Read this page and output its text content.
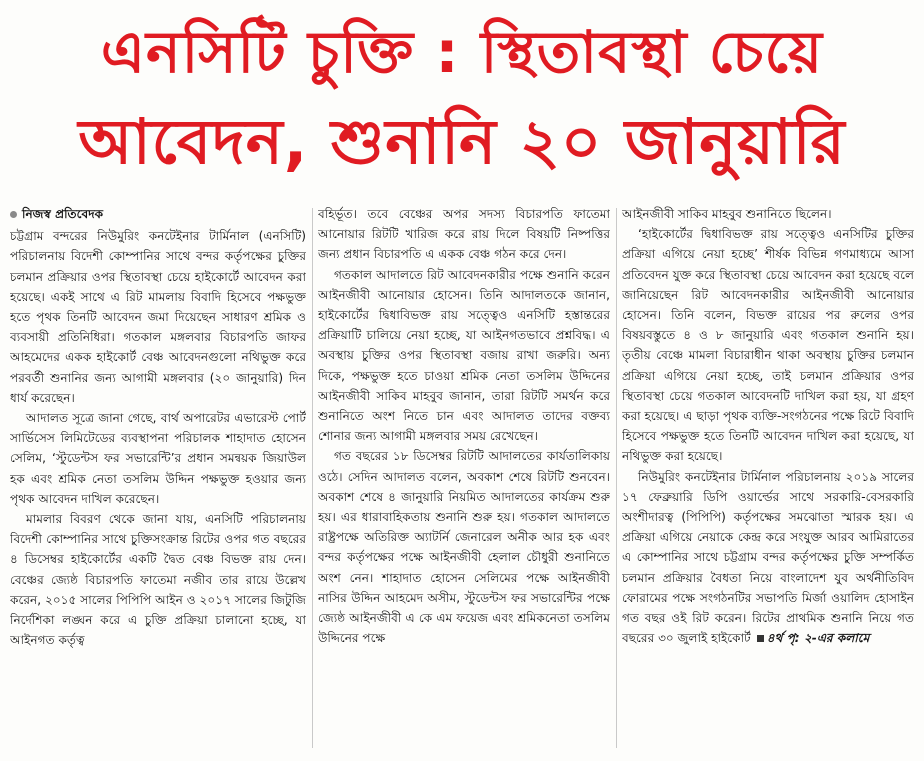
এনসিটি চুক্তি : স্থিতাবস্থা চেয়ে
আবেদন, শুনানি ২০ জানুয়ারি
নিজস্ব প্রতিবেদক

চট্টগ্রাম বন্দরের নিউমুরিং কনটেইনার টার্মিনাল (এনসিটি) পরিচালনায় বিদেশী কোম্পানির সাথে বন্দর কর্তৃপক্ষের চুক্তির চলমান প্রক্রিয়ার ওপর স্থিতাবস্থা চেয়ে হাইকোর্টে আবেদন করা হয়েছে। একই সাথে এ রিট মামলায় বিবাদি হিসেবে পক্ষভুক্ত হতে পৃথক তিনটি আবেদন জমা দিয়েছেন সাধারণ শ্রমিক ও ব্যবসায়ী প্রতিনিধিরা। গতকাল মঙ্গলবার বিচারপতি জাফর আহমেদের একক হাইকোর্ট বেঞ্চ আবেদনগুলো নথিভুক্ত করে পরবর্তী শুনানির জন্য আগামী মঙ্গলবার (২০ জানুয়ারি) দিন ধার্য করেছেন।

আদালত সূত্রে জানা গেছে, বার্থ অপারেটর এভারেস্ট পোর্ট সার্ভিসেস লিমিটেডের ব্যবস্থাপনা পরিচালক শাহাদাত হোসেন সেলিম, ‘স্টুডেন্টস ফর সভারেন্টি’র প্রধান সমন্বয়ক জিয়াউল হক এবং শ্রমিক নেতা তসলিম উদ্দিন পক্ষভুক্ত হওয়ার জন্য পৃথক আবেদন দাখিল করেছেন।

মামলার বিবরণ থেকে জানা যায়, এনসিটি পরিচালনায় বিদেশী কোম্পানির সাথে চুক্তিসংক্রান্ত রিটের ওপর গত বছরের ৪ ডিসেম্বর হাইকোর্টের একটি দ্বৈত বেঞ্চ বিভক্ত রায় দেন। বেঞ্চের জ্যেষ্ঠ বিচারপতি ফাতেমা নজীব তার রায়ে উল্লেখ করেন, ২০১৫ সালের পিপিপি আইন ও ২০১৭ সালের জিটুজি নির্দেশিকা লঙ্ঘন করে এ চুক্তি প্রক্রিয়া চালানো হচ্ছে, যা আইনগত কর্তৃত্ব

বহির্ভূত। তবে বেঞ্চের অপর সদস্য বিচারপতি ফাতেমা আনোয়ার রিটটি খারিজ করে রায় দিলে বিষয়টি নিষ্পত্তির জন্য প্রধান বিচারপতি এ একক বেঞ্চ গঠন করে দেন।

গতকাল আদালতে রিট আবেদনকারীর পক্ষে শুনানি করেন আইনজীবী আনোয়ার হোসেন। তিনি আদালতকে জানান, হাইকোর্টের দ্বিধাবিভক্ত রায় সত্ত্বেও এনসিটি হস্তান্তরের প্রক্রিয়াটি চালিয়ে নেয়া হচ্ছে, যা আইনগতভাবে প্রশ্নবিদ্ধ। এ অবস্থায় চুক্তির ওপর স্থিতাবস্থা বজায় রাখা জরুরি। অন্য দিকে, পক্ষভুক্ত হতে চাওয়া শ্রমিক নেতা তসলিম উদ্দিনের আইনজীবী সাকিব মাহবুব জানান, তারা রিটটি সমর্থন করে শুনানিতে অংশ নিতে চান এবং আদালত তাদের বক্তব্য শোনার জন্য আগামী মঙ্গলবার সময় রেখেছেন।

গত বছরের ১৮ ডিসেম্বর রিটটি আদালতের কার্যতালিকায় ওঠে। সেদিন আদালত বলেন, অবকাশ শেষে রিটটি শুনবেন। অবকাশ শেষে ৪ জানুয়ারি নিয়মিত আদালতের কার্যক্রম শুরু হয়। এর ধারাবাহিকতায় শুনানি শুরু হয়। গতকাল আদালতে রাষ্ট্রপক্ষে অতিরিক্ত অ্যাটর্নি জেনারেল অনীক আর হক এবং বন্দর কর্তৃপক্ষের পক্ষে আইনজীবী হেলাল চৌধুরী শুনানিতে অংশ নেন। শাহাদাত হোসেন সেলিমের পক্ষে আইনজীবী নাসির উদ্দিন আহমেদ অসীম, স্টুডেন্টস ফর সভারেন্টির পক্ষে জ্যেষ্ঠ আইনজীবী এ কে এম ফয়েজ এবং শ্রমিকনেতা তসলিম উদ্দিনের পক্ষে

আইনজীবী সাকিব মাহবুব শুনানিতে ছিলেন।

‘হাইকোর্টের দ্বিধাবিভক্ত রায় সত্ত্বেও এনসিটির চুক্তির প্রক্রিয়া এগিয়ে নেয়া হচ্ছে’ শীর্ষক বিভিন্ন গণমাধ্যমে আসা প্রতিবেদন যুক্ত করে স্থিতাবস্থা চেয়ে আবেদন করা হয়েছে বলে জানিয়েছেন রিট আবেদনকারীর আইনজীবী আনোয়ার হোসেন। তিনি বলেন, বিভক্ত রায়ের পর রুলের ওপর বিষয়বস্তুতে ৪ ও ৮ জানুয়ারি এবং গতকাল শুনানি হয়। তৃতীয় বেঞ্চে মামলা বিচারাধীন থাকা অবস্থায় চুক্তির চলমান প্রক্রিয়া এগিয়ে নেয়া হচ্ছে, তাই চলমান প্রক্রিয়ার ওপর স্থিতাবস্থা চেয়ে গতকাল আবেদনটি দাখিল করা হয়, যা গ্রহণ করা হয়েছে। এ ছাড়া পৃথক ব্যক্তি-সংগঠনের পক্ষে রিটে বিবাদি হিসেবে পক্ষভুক্ত হতে তিনটি আবেদন দাখিল করা হয়েছে, যা নথিভুক্ত করা হয়েছে।

নিউমুরিং কনটেইনার টার্মিনাল পরিচালনায় ২০১৯ সালের ১৭ ফেব্রুয়ারি ডিপি ওয়ার্ল্ডের সাথে সরকারি-বেসরকারি অংশীদারত্ব (পিপিপি) কর্তৃপক্ষের সমঝোতা স্মারক হয়। এ প্রক্রিয়া এগিয়ে নেয়াকে কেন্দ্র করে সংযুক্ত আরব আমিরাতের এ কোম্পানির সাথে চট্টগ্রাম বন্দর কর্তৃপক্ষের চুক্তি সম্পর্কিত চলমান প্রক্রিয়ার বৈধতা নিয়ে বাংলাদেশ যুব অর্থনীতিবিদ ফোরামের পক্ষে সংগঠনটির সভাপতি মির্জা ওয়ালিদ হোসাইন গত বছর ওই রিট করেন। রিটের প্রাথমিক শুনানি নিয়ে গত বছরের ৩০ জুলাই হাইকোর্ট ৪র্থ পৃ: ২-এর কলামে
